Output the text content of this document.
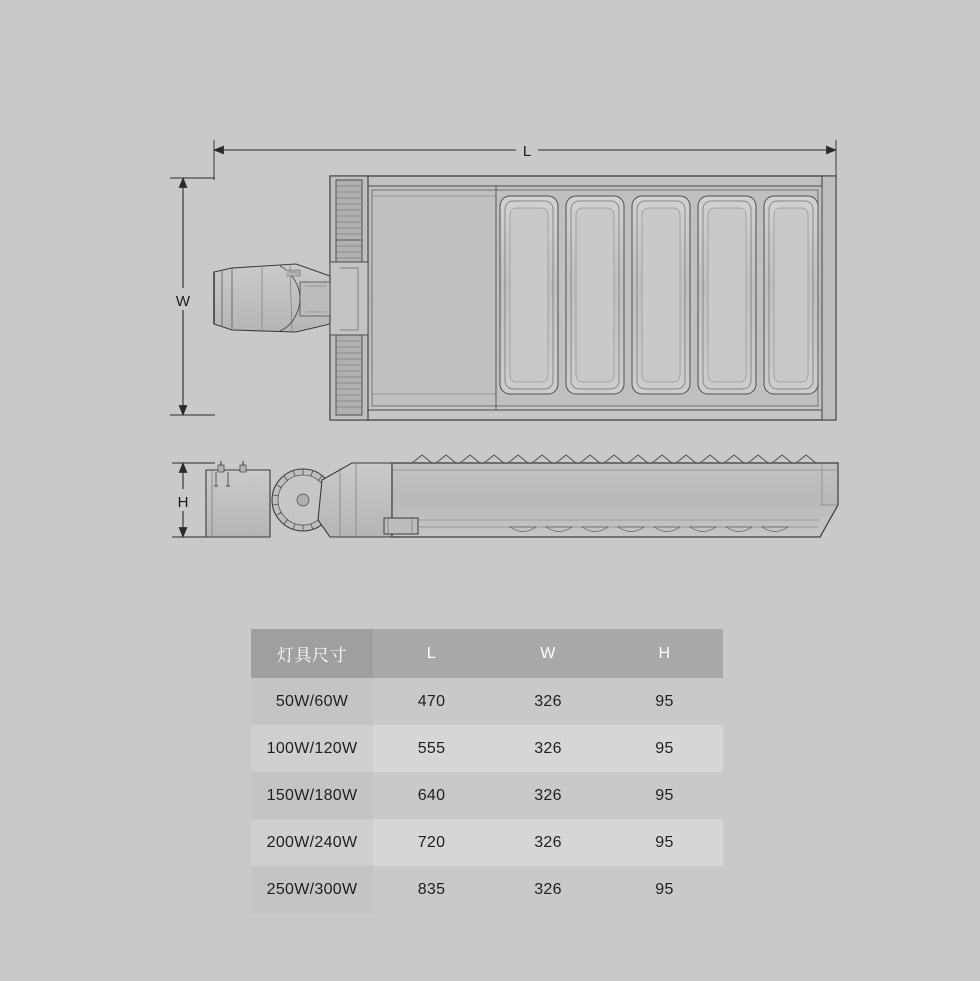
L
W
H
灯具尺寸	L	W	H
50W/60W	470	326	95
100W/120W	555	326	95
150W/180W	640	326	95
200W/240W	720	326	95
250W/300W	835	326	95
